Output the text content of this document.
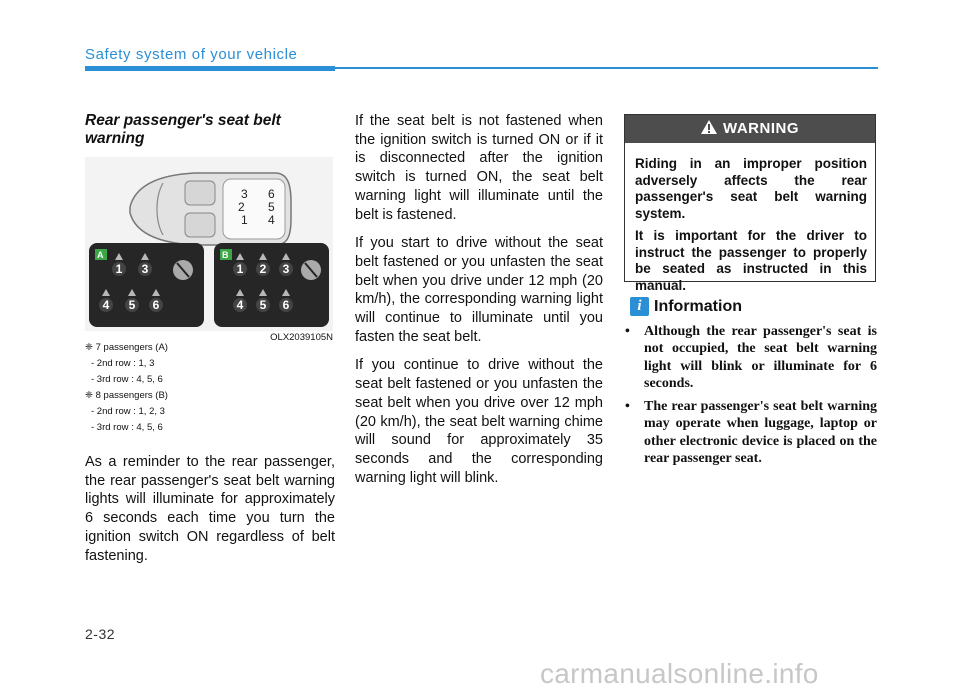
Safety system of your vehicle
Rear passenger's seat belt warning
3
2
1
6
5
4
A
1 3
4 5 6
B
1 2 3
4 5 6
OLX2039105N
❈ 7 passengers (A)
- 2nd row : 1, 3
- 3rd row : 4, 5, 6
❈ 8 passengers (B)
- 2nd row : 1, 2, 3
- 3rd row : 4, 5, 6
As a reminder to the rear passenger, the rear passenger's seat belt warning lights will illuminate for approximately 6 seconds each time you turn the ignition switch ON regardless of belt fastening.

If the seat belt is not fastened when the ignition switch is turned ON or if it is disconnected after the ignition switch is turned ON, the seat belt warning light will illuminate until the belt is fastened.

If you start to drive without the seat belt fastened or you unfasten the seat belt when you drive under 12 mph (20 km/h), the corresponding warning light will continue to illuminate until you fasten the seat belt.

If you continue to drive without the seat belt fastened or you unfasten the seat belt when you drive over 12 mph (20 km/h), the seat belt warning chime will sound for approximately 35 seconds and the corresponding warning light will blink.

WARNING

Riding in an improper position adversely affects the rear passenger's seat belt warning system.

It is important for the driver to instruct the passenger to properly be seated as instructed in this manual.

i Information
• Although the rear passenger's seat is not occupied, the seat belt warning light will blink or illuminate for 6 seconds.
• The rear passenger's seat belt warning may operate when luggage, laptop or other electronic device is placed on the rear passenger seat.
2-32
carmanualsonline.info
